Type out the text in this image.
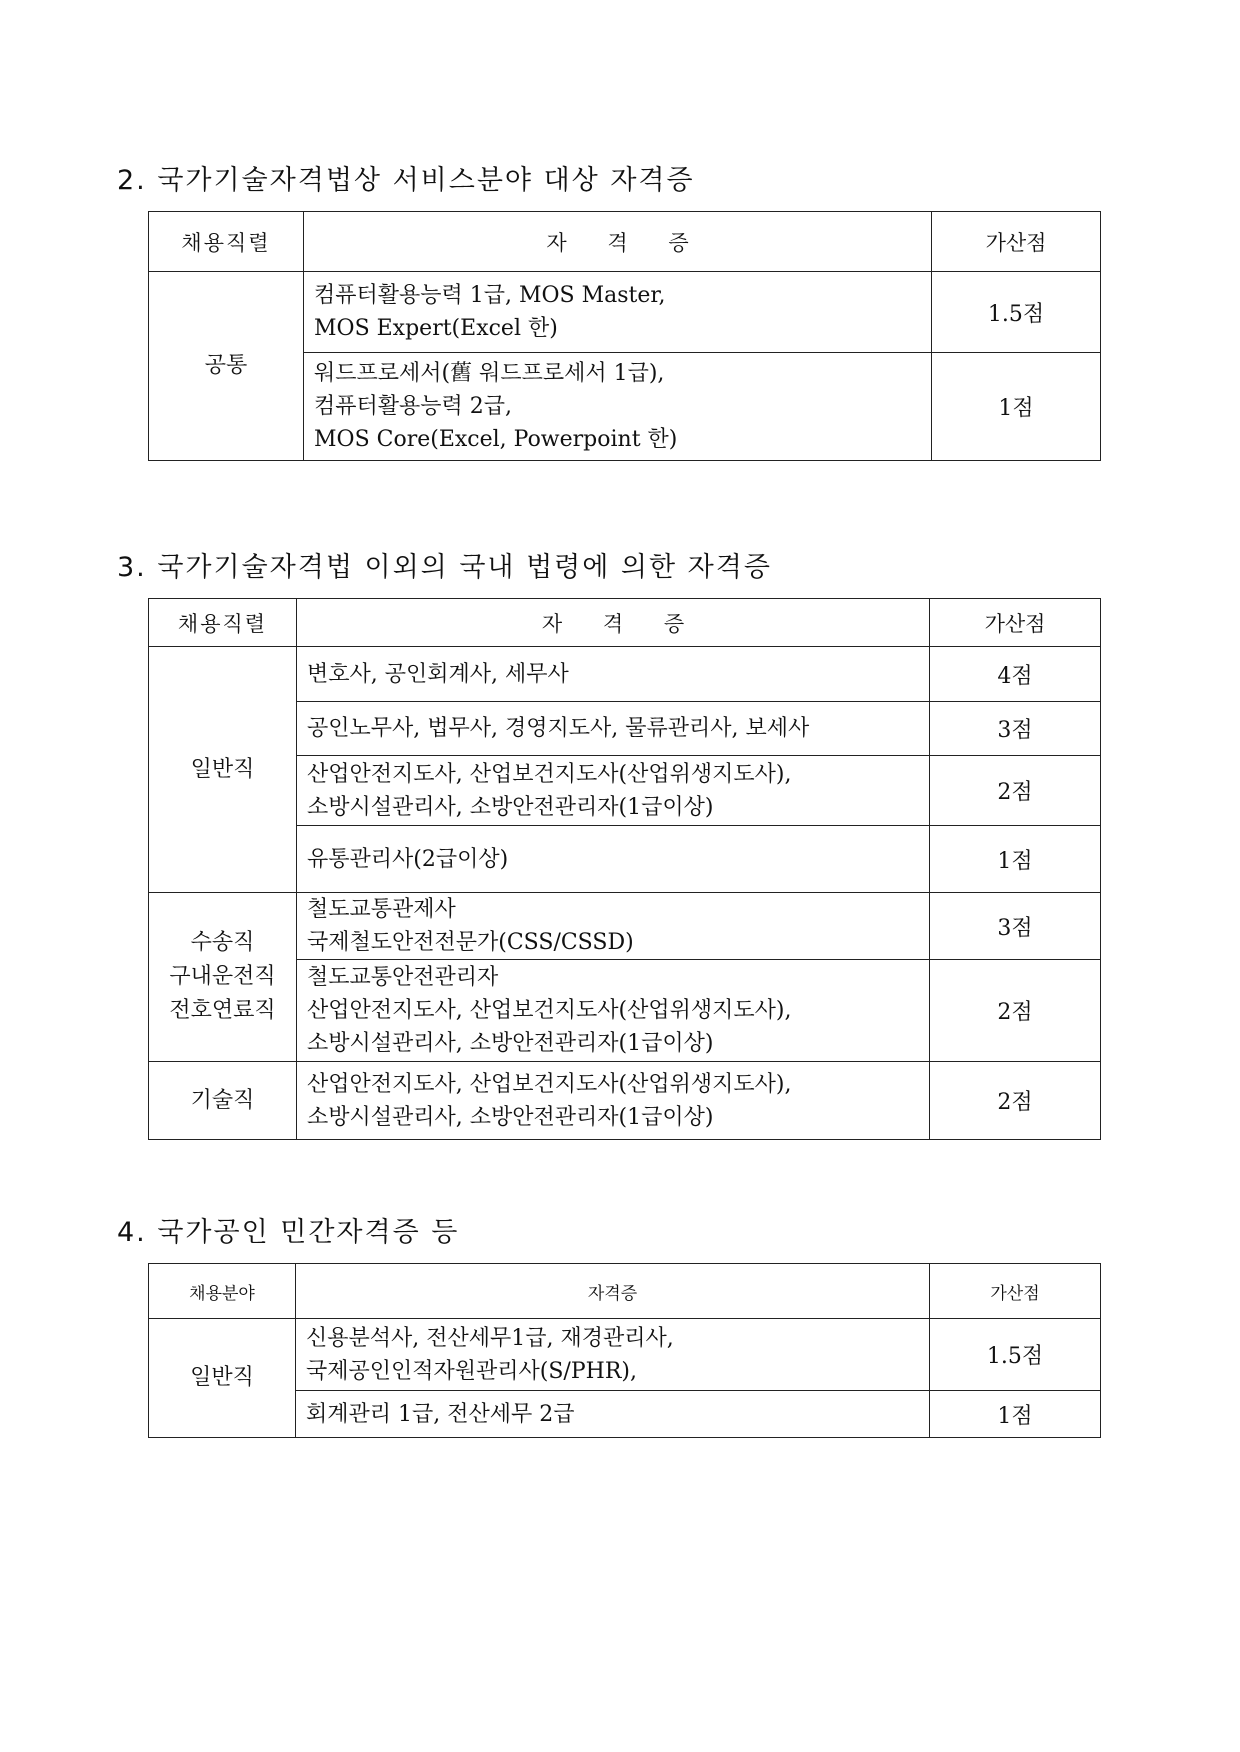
2. 국가기술자격법상 서비스분야 대상 자격증
채용직렬	자 격 증	가산점
공통	컴퓨터활용능력 1급, MOS Master,
MOS Expert(Excel 한)	1.5점
	워드프로세서(舊 워드프로세서 1급),
컴퓨터활용능력 2급,
MOS Core(Excel, Powerpoint 한)	1점
3. 국가기술자격법 이외의 국내 법령에 의한 자격증
채용직렬	자 격 증	가산점
일반직	변호사, 공인회계사, 세무사	4점
	공인노무사, 법무사, 경영지도사, 물류관리사, 보세사	3점
	산업안전지도사, 산업보건지도사(산업위생지도사),
소방시설관리사, 소방안전관리자(1급이상)	2점
	유통관리사(2급이상)	1점
수송직
구내운전직
전호연료직	철도교통관제사
국제철도안전전문가(CSS/CSSD)	3점
	철도교통안전관리자
산업안전지도사, 산업보건지도사(산업위생지도사),
소방시설관리사, 소방안전관리자(1급이상)	2점
기술직	산업안전지도사, 산업보건지도사(산업위생지도사),
소방시설관리사, 소방안전관리자(1급이상)	2점
4. 국가공인 민간자격증 등
채용분야	자격증	가산점
일반직	신용분석사, 전산세무1급, 재경관리사,
국제공인인적자원관리사(S/PHR),	1.5점
	회계관리 1급, 전산세무 2급	1점
